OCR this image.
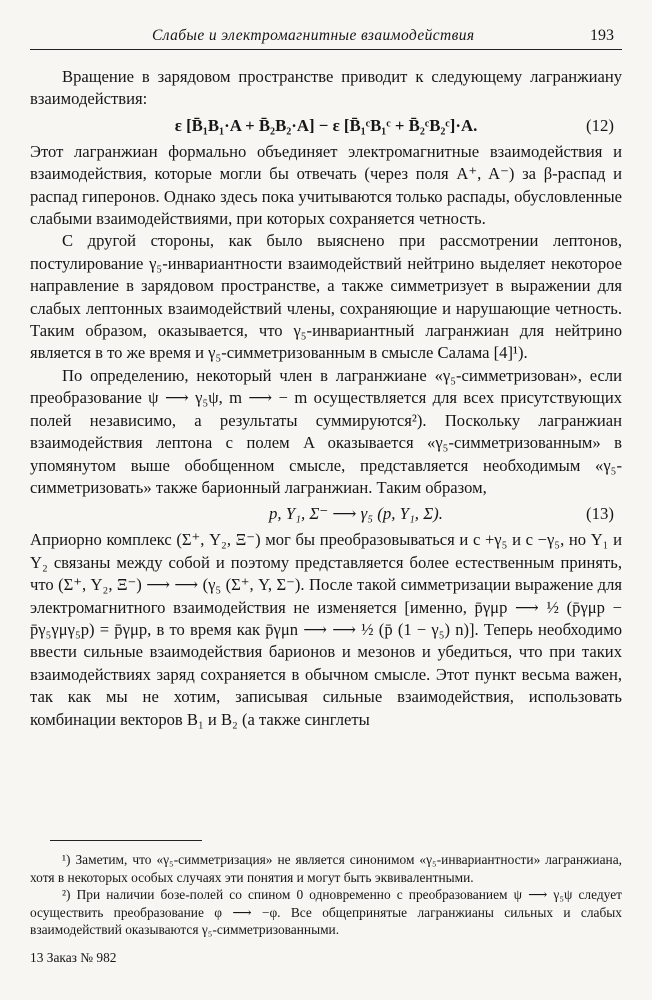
Слабые и электромагнитные взаимодействия	193

Вращение в зарядовом пространстве приводит к следующему лагранжиану взаимодействия:

ε [B̄₁B₁·A + B̄₂B₂·A] − ε [B̄₁ᶜB₁ᶜ + B̄₂ᶜB₂ᶜ]·A.	(12)

Этот лагранжиан формально объединяет электромагнитные взаимодействия и взаимодействия, которые могли бы отвечать (через поля A⁺, A⁻) за β-распад и распад гиперонов. Однако здесь пока учитываются только распады, обусловленные слабыми взаимодействиями, при которых сохраняется четность.

С другой стороны, как было выяснено при рассмотрении лептонов, постулирование γ₅-инвариантности взаимодействий нейтрино выделяет некоторое направление в зарядовом пространстве, а также симметризует в выражении для слабых лептонных взаимодействий члены, сохраняющие и нарушающие четность. Таким образом, оказывается, что γ₅-инвариантный лагранжиан для нейтрино является в то же время и γ₅-симметризованным в смысле Салама [4]¹).

По определению, некоторый член в лагранжиане «γ₅-симметризован», если преобразование ψ ⟶ γ₅ψ, m ⟶ − m осуществляется для всех присутствующих полей независимо, а результаты суммируются²). Поскольку лагранжиан взаимодействия лептона с полем A оказывается «γ₅-симметризованным» в упомянутом выше обобщенном смысле, представляется необходимым «γ₅-симметризовать» также барионный лагранжиан. Таким образом,

p, Y₁, Σ⁻ ⟶ γ₅ (p, Y₁, Σ).	(13)

Априорно комплекс (Σ⁺, Y₂, Ξ⁻) мог бы преобразовываться и с +γ₅ и с −γ₅, но Y₁ и Y₂ связаны между собой и поэтому представляется более естественным принять, что (Σ⁺, Y₂, Ξ⁻) ⟶ ⟶ (γ₅ (Σ⁺, Y, Σ⁻). После такой симметризации выражение для электромагнитного взаимодействия не изменяется [именно, p̄γμp ⟶ ½ (p̄γμp − p̄γ₅γμγ₅p) = p̄γμp, в то время как p̄γμn ⟶ ⟶ ½ (p̄ (1 − γ₅) n)]. Теперь необходимо ввести сильные взаимодействия барионов и мезонов и убедиться, что при таких взаимодействиях заряд сохраняется в обычном смысле. Этот пункт весьма важен, так как мы не хотим, записывая сильные взаимодействия, использовать комбинации векторов B₁ и B₂ (а также синглеты

¹) Заметим, что «γ₅-симметризация» не является синонимом «γ₅-инвариантности» лагранжиана, хотя в некоторых особых случаях эти понятия и могут быть эквивалентными.

²) При наличии бозе-полей со спином 0 одновременно с преобразованием ψ ⟶ γ₅ψ следует осуществить преобразование φ ⟶ −φ. Все общепринятые лагранжианы сильных и слабых взаимодействий оказываются γ₅-симметризованными.

13 Заказ № 982
